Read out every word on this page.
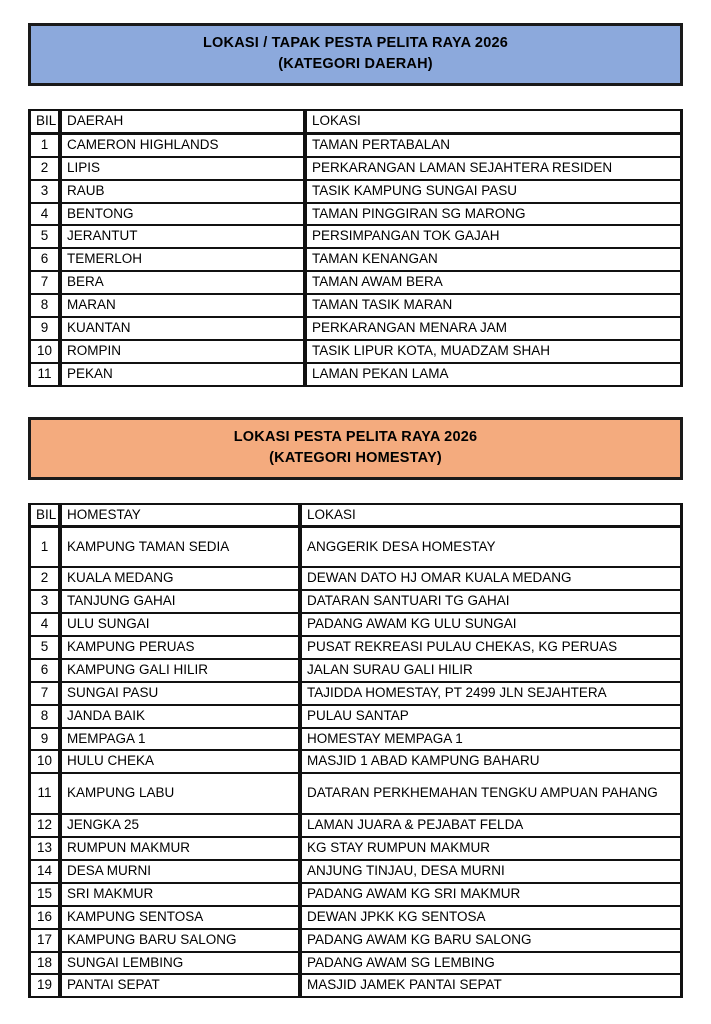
LOKASI / TAPAK PESTA PELITA RAYA 2026
(KATEGORI DAERAH)
BIL	DAERAH	LOKASI
1	CAMERON HIGHLANDS	TAMAN PERTABALAN
2	LIPIS	PERKARANGAN LAMAN SEJAHTERA RESIDEN
3	RAUB	TASIK KAMPUNG SUNGAI PASU
4	BENTONG	TAMAN PINGGIRAN SG MARONG
5	JERANTUT	PERSIMPANGAN TOK GAJAH
6	TEMERLOH	TAMAN KENANGAN
7	BERA	TAMAN AWAM BERA
8	MARAN	TAMAN TASIK MARAN
9	KUANTAN	PERKARANGAN MENARA JAM
10	ROMPIN	TASIK LIPUR KOTA, MUADZAM SHAH
11	PEKAN	LAMAN PEKAN LAMA
LOKASI PESTA PELITA RAYA 2026
(KATEGORI HOMESTAY)
BIL	HOMESTAY	LOKASI
1	KAMPUNG TAMAN SEDIA	ANGGERIK DESA HOMESTAY
2	KUALA MEDANG	DEWAN DATO HJ OMAR KUALA MEDANG
3	TANJUNG GAHAI	DATARAN SANTUARI TG GAHAI
4	ULU SUNGAI	PADANG AWAM KG ULU SUNGAI
5	KAMPUNG PERUAS	PUSAT REKREASI PULAU CHEKAS, KG PERUAS
6	KAMPUNG GALI HILIR	JALAN SURAU GALI HILIR
7	SUNGAI PASU	TAJIDDA HOMESTAY, PT 2499 JLN SEJAHTERA
8	JANDA BAIK	PULAU SANTAP
9	MEMPAGA 1	HOMESTAY MEMPAGA 1
10	HULU CHEKA	MASJID 1 ABAD KAMPUNG BAHARU
11	KAMPUNG LABU	DATARAN PERKHEMAHAN TENGKU AMPUAN PAHANG
12	JENGKA 25	LAMAN JUARA & PEJABAT FELDA
13	RUMPUN MAKMUR	KG STAY RUMPUN MAKMUR
14	DESA MURNI	ANJUNG TINJAU, DESA MURNI
15	SRI MAKMUR	PADANG AWAM KG SRI MAKMUR
16	KAMPUNG SENTOSA	DEWAN JPKK KG SENTOSA
17	KAMPUNG BARU SALONG	PADANG AWAM KG BARU SALONG
18	SUNGAI LEMBING	PADANG AWAM SG LEMBING
19	PANTAI SEPAT	MASJID JAMEK PANTAI SEPAT
